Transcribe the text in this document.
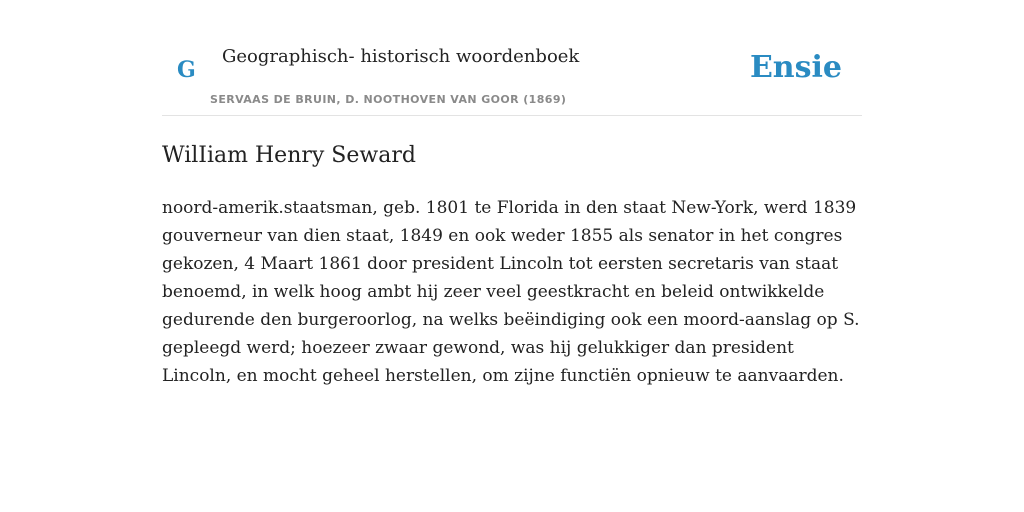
G
Geographisch- historisch woordenboek
SERVAAS DE BRUIN, D. NOOTHOVEN VAN GOOR (1869)
Ensie
WilIiam Henry Seward

noord-amerik.staatsman, geb. 1801 te Florida in den staat New-York, werd 1839 gouverneur van dien staat, 1849 en ook weder 1855 als senator in het congres gekozen, 4 Maart 1861 door president Lincoln tot eersten secretaris van staat benoemd, in welk hoog ambt hij zeer veel geestkracht en beleid ontwikkelde gedurende den burgeroorlog, na welks beëindiging ook een moord-aanslag op S. gepleegd werd; hoezeer zwaar gewond, was hij gelukkiger dan president Lincoln, en mocht geheel herstellen, om zijne functiën opnieuw te aanvaarden.
